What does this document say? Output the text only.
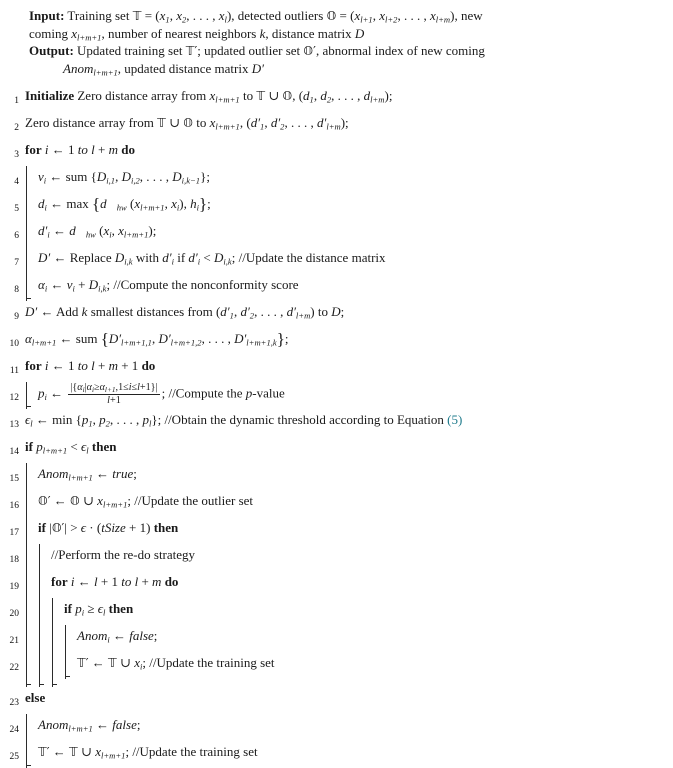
Input: Training set 𝕋 = ($x_1$, $x_2$, . . . , $x_l$), detected outliers 𝕆 = ($x_{l+1}$, $x_{l+2}$, . . . , $x_{l+m}$), new
coming $x_{l+m+1}$, number of nearest neighbors k, distance matrix D
Output: Updated training set 𝕋′; updated outlier set 𝕆′, abnormal index of new coming
Anom$_{l+m+1}$, updated distance matrix D′
1 Initialize Zero distance array from $x_{l+m+1}$ to 𝕋 ∪ 𝕆, ($d_1$, $d_2$, . . . , $d_{l+m}$);
2 Zero distance array from 𝕋 ∪ 𝕆 to $x_{l+m+1}$, ($d'_1$, $d'_2$, . . . , $d'_{l+m}$);
3 for i ← 1 to l + m do
4 $v_i$ ← sum {$D_{i,1}$, $D_{i,2}$, . . . , $D_{i,k-1}$};
5 $d_i$ ← $\max \{d⃗_{hw}$ ($x_{l+m+1}$, $x_i$), $h_i$};
6 $d'_i$ ← $d⃗_{hw}$ ($x_i$, $x_{l+m+1}$);
7 D′ ← Replace $D_{i,k}$ with $d'_i$ if $d'_i < D_{i,k}$; //Update the distance matrix
8 $\alpha_i$ ← $v_i + D_{i,k}$; //Compute the nonconformity score
9 D′ ← Add k smallest distances from ($d'_1$, $d'_2$, . . . , $d'_{l+m}$) to D;
10 $\alpha_{l+m+1}$ ← sum {$D'_{l+m+1,1}$, $D'_{l+m+1,2}$, . . . , $D'_{l+m+1,k}$};
11 for i ← 1 to l + m + 1 do
12 $p_i$ ← $\frac{|\{\alpha_i|\alpha_i\ge\alpha_{l+1},1\le i\le l+1\}|}{l+1}$ ; //Compute the p-value
13 $\epsilon_l$ ← $\min \{p_1$, $p_2$, . . . , $p_l$}; //Obtain the dynamic threshold according to Equation (5)
14 if $p_{l+m+1} < \epsilon_l$ then
15 Anom$_{l+m+1}$ ← true;
16 𝕆′ ← 𝕆 ∪ $x_{l+m+1}$; //Update the outlier set
17 if |𝕆′| > ϵ · (tSize + 1) then
18 //Perform the re-do strategy
19 for i ← l + 1 to l + m do
20	if $p_i \ge \epsilon_l$ then
21	Anom$_i$ ← false;
22	𝕋′ ← 𝕋 ∪ $x_i$; //Update the training set
23 else
24 Anom$_{l+m+1}$ ← false;
25 𝕋′ ← 𝕋 ∪ $x_{l+m+1}$; //Update the training set
